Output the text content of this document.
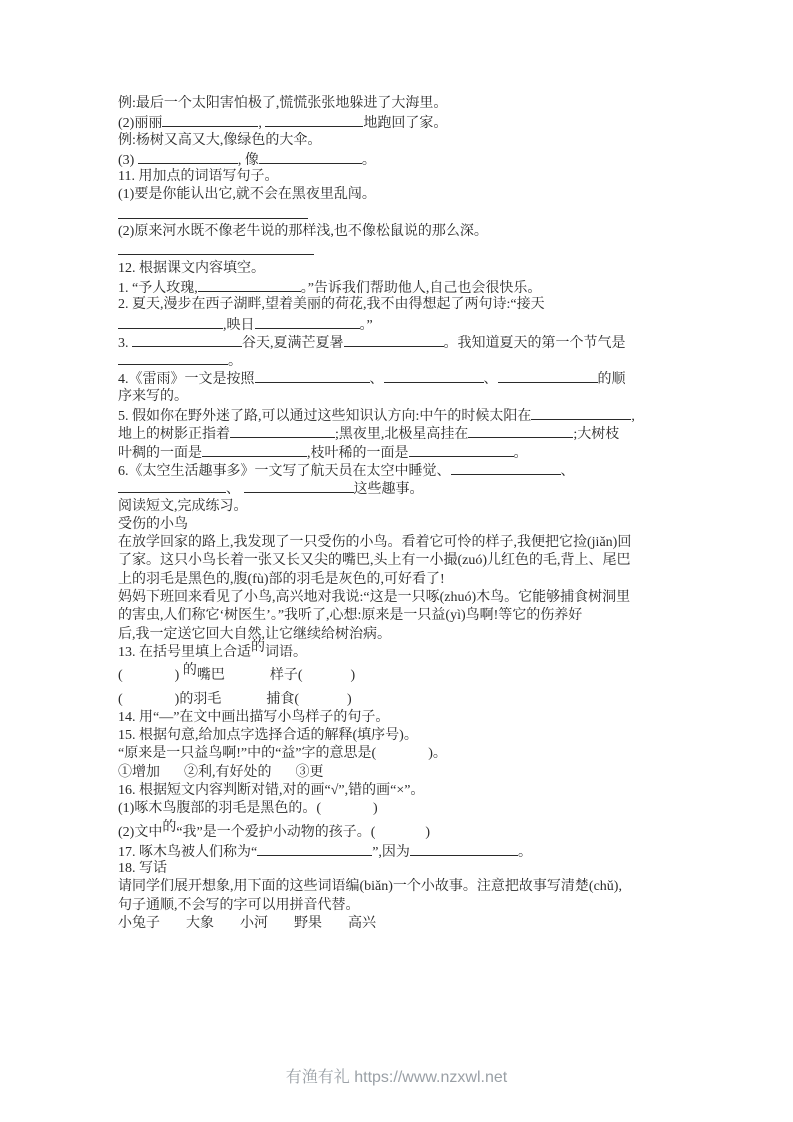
例:最后一个太阳害怕极了,慌慌张张地躲进了大海里。
(2)丽丽	,	地跑回了家。
例:杨树又高又大,像绿色的大伞。
(3)	, 像	。
11. 用加点的词语写句子。
(1)要是你能认出它,就不会在黑夜里乱闯。
(2)原来河水既不像老牛说的那样浅,也不像松鼠说的那么深。
12. 根据课文内容填空。
1. “予人玫瑰,	。”告诉我们帮助他人,自己也会很快乐。
2. 夏天,漫步在西子湖畔,望着美丽的荷花,我不由得想起了两句诗:“接天
,映日	。”
3.	谷天,夏满芒夏暑	。我知道夏天的第一个节气是
。
4.《雷雨》一文是按照	、	、	的顺
序来写的。
5. 假如你在野外迷了路,可以通过这些知识认方向:中午的时候太阳在	,
地上的树影正指着	;黑夜里,北极星高挂在	;大树枝
叶稠的一面是	,枝叶稀的一面是	。
6.《太空生活趣事多》一文写了航天员在太空中睡觉、	、
、	这些趣事。
阅读短文,完成练习。
受伤的小鸟
在放学回家的路上,我发现了一只受伤的小鸟。看着它可怜的样子,我便把它捡(jiǎn)回
了家。这只小鸟长着一张又长又尖的嘴巴,头上有一小撮(zuó)儿红色的毛,背上、尾巴
上的羽毛是黑色的,腹(fù)部的羽毛是灰色的,可好看了!
妈妈下班回来看见了小鸟,高兴地对我说:“这是一只啄(zhuó)木鸟。它能够捕食树洞里
的害虫,人们称它‘树医生’。”我听了,心想:原来是一只益(yì)鸟啊!等它的伤养好
后,我一定送它回大自然,让它继续给树治病。
13. 在括号里填上合适的词语。
(	) 的嘴巴	样子(	)
(	)的羽毛	捕食(	)
14. 用“—”在文中画出描写小鸟样子的句子。
15. 根据句意,给加点字选择合适的解释(填序号)。
“原来是一只益鸟啊!”中的“益”字的意思是(	)。
①增加 ②利,有好处的 ③更
16. 根据短文内容判断对错,对的画“√”,错的画“×”。
(1)啄木鸟腹部的羽毛是黑色的。(	)
(2)文中的“我”是一个爱护小动物的孩子。(	)
17. 啄木鸟被人们称为“	”,因为	。
18. 写话
请同学们展开想象,用下面的这些词语编(biǎn)一个小故事。注意把故事写清楚(chǔ),
句子通顺,不会写的字可以用拼音代替。
小兔子 大象 小河 野果 高兴
有渔有礼 https://www.nzxwl.net
